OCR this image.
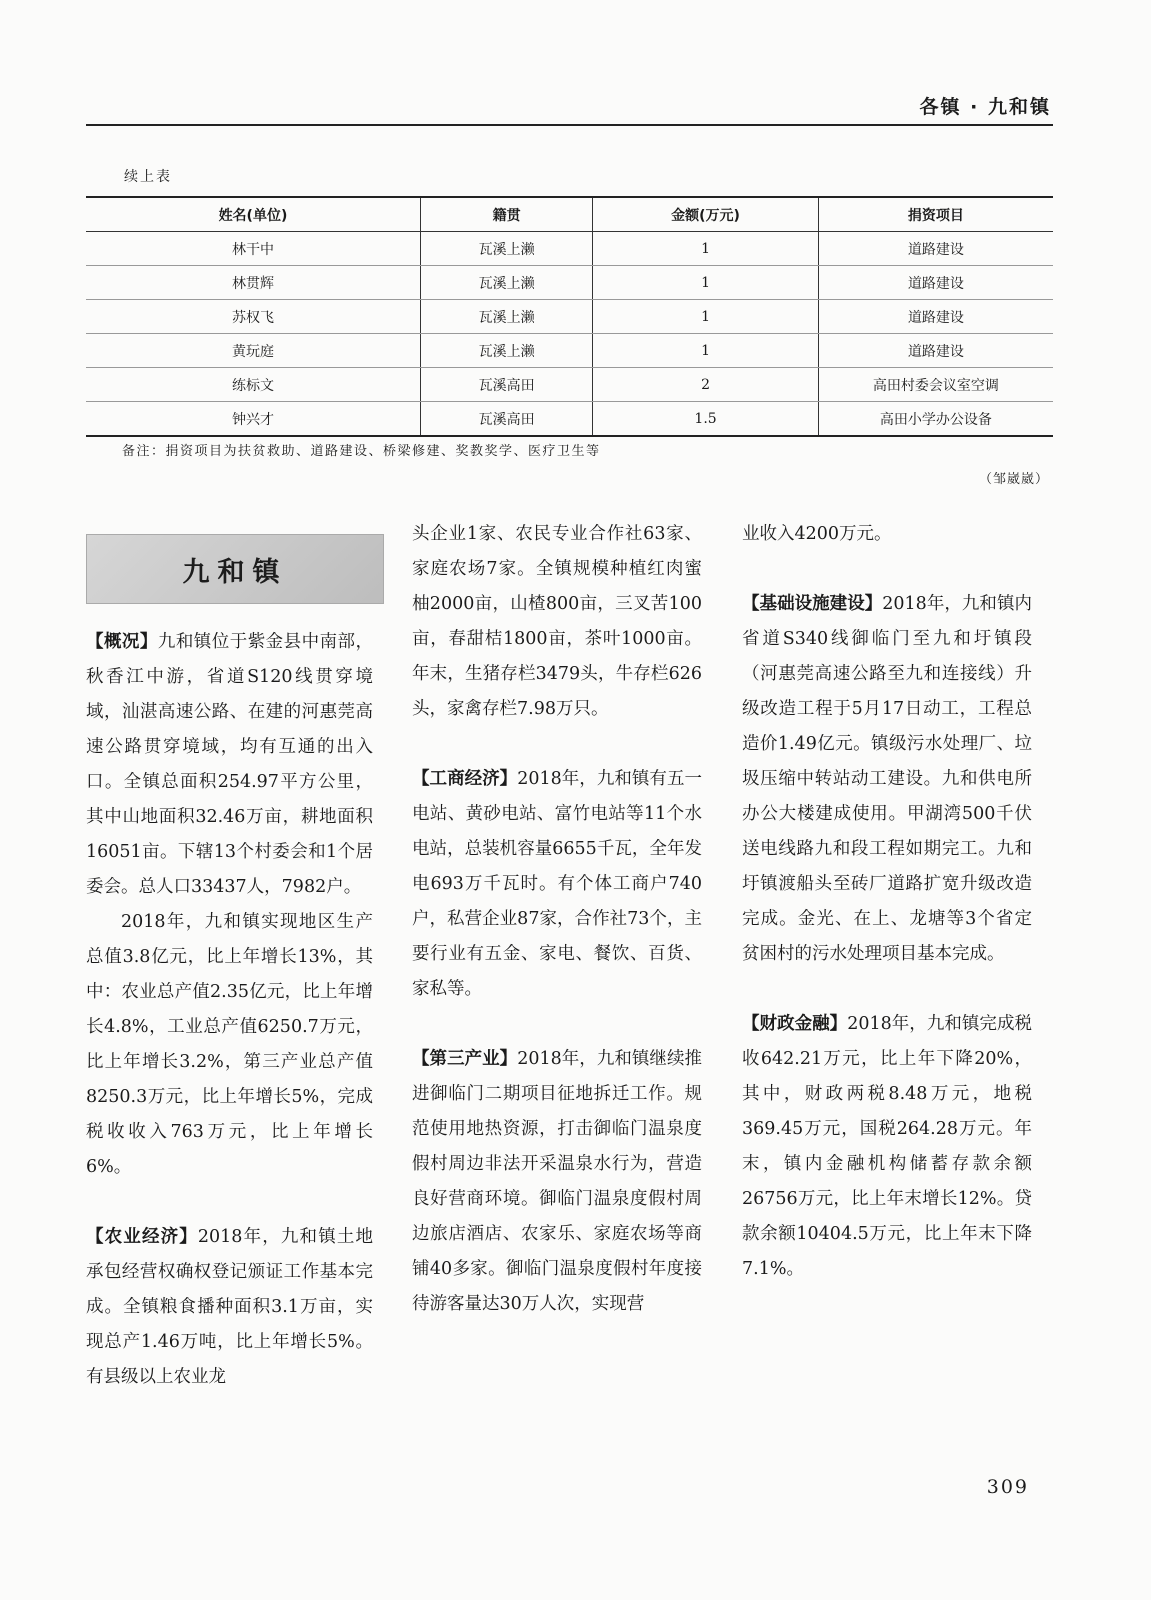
各镇 · 九和镇
续上表
姓名(单位)	籍贯	金额(万元)	捐资项目
林干中	瓦溪上濑	1	道路建设
林贯辉	瓦溪上濑	1	道路建设
苏权飞	瓦溪上濑	1	道路建设
黄玩庭	瓦溪上濑	1	道路建设
练标文	瓦溪高田	2	高田村委会议室空调
钟兴才	瓦溪高田	1.5	高田小学办公设备
备注：捐资项目为扶贫救助、道路建设、桥梁修建、奖教奖学、医疗卫生等
（邹崴崴）
九和镇

【概况】九和镇位于紫金县中南部，秋香江中游，省道S120线贯穿境域，汕湛高速公路、在建的河惠莞高速公路贯穿境域，均有互通的出入口。全镇总面积254.97平方公里，其中山地面积32.46万亩，耕地面积16051亩。下辖13个村委会和1个居委会。总人口33437人，7982户。

2018年，九和镇实现地区生产总值3.8亿元，比上年增长13%，其中：农业总产值2.35亿元，比上年增长4.8%，工业总产值6250.7万元，比上年增长3.2%，第三产业总产值8250.3万元，比上年增长5%，完成税收收入763万元，比上年增长6%。

【农业经济】2018年，九和镇土地承包经营权确权登记颁证工作基本完成。全镇粮食播种面积3.1万亩，实现总产1.46万吨，比上年增长5%。有县级以上农业龙

头企业1家、农民专业合作社63家、家庭农场7家。全镇规模种植红肉蜜柚2000亩，山楂800亩，三叉苦100亩，春甜桔1800亩，茶叶1000亩。年末，生猪存栏3479头，牛存栏626头，家禽存栏7.98万只。

【工商经济】2018年，九和镇有五一电站、黄砂电站、富竹电站等11个水电站，总装机容量6655千瓦，全年发电693万千瓦时。有个体工商户740户，私营企业87家，合作社73个，主要行业有五金、家电、餐饮、百货、家私等。

【第三产业】2018年，九和镇继续推进御临门二期项目征地拆迁工作。规范使用地热资源，打击御临门温泉度假村周边非法开采温泉水行为，营造良好营商环境。御临门温泉度假村周边旅店酒店、农家乐、家庭农场等商铺40多家。御临门温泉度假村年度接待游客量达30万人次，实现营

业收入4200万元。

【基础设施建设】2018年，九和镇内省道S340线御临门至九和圩镇段（河惠莞高速公路至九和连接线）升级改造工程于5月17日动工，工程总造价1.49亿元。镇级污水处理厂、垃圾压缩中转站动工建设。九和供电所办公大楼建成使用。甲湖湾500千伏送电线路九和段工程如期完工。九和圩镇渡船头至砖厂道路扩宽升级改造完成。金光、在上、龙塘等3个省定贫困村的污水处理项目基本完成。

【财政金融】2018年，九和镇完成税收642.21万元，比上年下降20%，其中，财政两税8.48万元，地税369.45万元，国税264.28万元。年末，镇内金融机构储蓄存款余额26756万元，比上年末增长12%。贷款余额10404.5万元，比上年末下降7.1%。

309
